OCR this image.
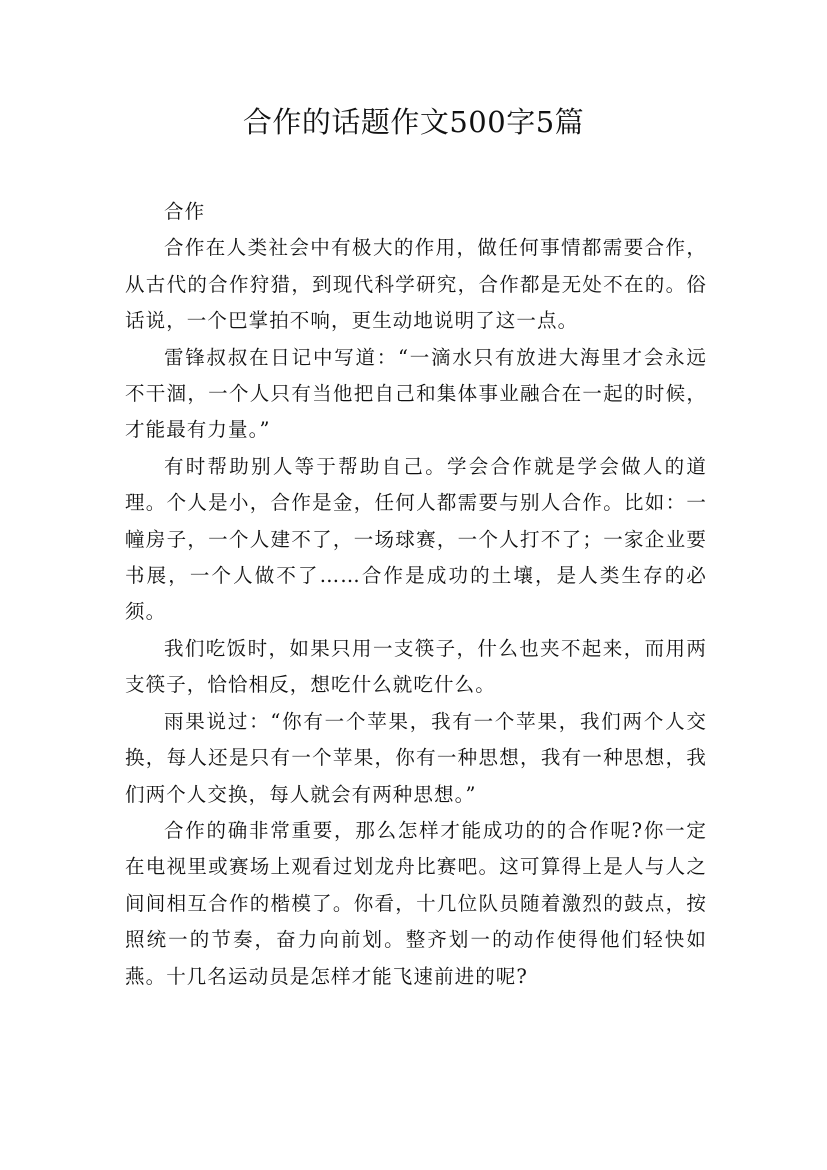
合作的话题作文500字5篇

合作

合作在人类社会中有极大的作用，做任何事情都需要合作，从古代的合作狩猎，到现代科学研究，合作都是无处不在的。俗话说，一个巴掌拍不响，更生动地说明了这一点。

雷锋叔叔在日记中写道：“一滴水只有放进大海里才会永远不干涸，一个人只有当他把自己和集体事业融合在一起的时候，才能最有力量。”

有时帮助别人等于帮助自己。学会合作就是学会做人的道理。个人是小，合作是金，任何人都需要与别人合作。比如：一幢房子，一个人建不了，一场球赛，一个人打不了；一家企业要书展，一个人做不了……合作是成功的土壤，是人类生存的必须。

我们吃饭时，如果只用一支筷子，什么也夹不起来，而用两支筷子，恰恰相反，想吃什么就吃什么。

雨果说过：“你有一个苹果，我有一个苹果，我们两个人交换，每人还是只有一个苹果，你有一种思想，我有一种思想，我们两个人交换，每人就会有两种思想。”

合作的确非常重要，那么怎样才能成功的的合作呢?你一定在电视里或赛场上观看过划龙舟比赛吧。这可算得上是人与人之间间相互合作的楷模了。你看，十几位队员随着激烈的鼓点，按照统一的节奏，奋力向前划。整齐划一的动作使得他们轻快如燕。十几名运动员是怎样才能飞速前进的呢?
